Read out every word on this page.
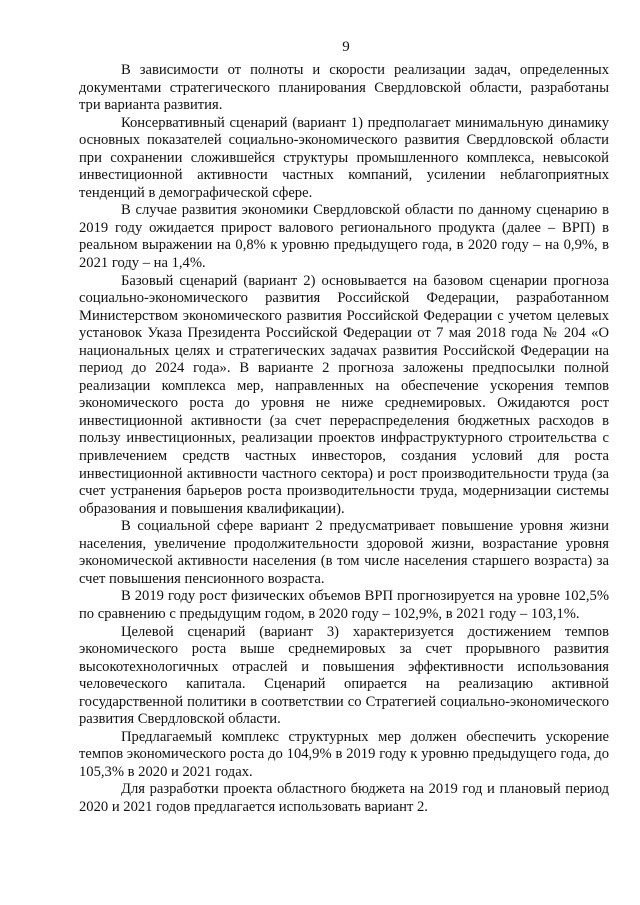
9

В зависимости от полноты и скорости реализации задач, определенных документами стратегического планирования Свердловской области, разработаны три варианта развития.

Консервативный сценарий (вариант 1) предполагает минимальную динамику основных показателей социально-экономического развития Свердловской области при сохранении сложившейся структуры промышленного комплекса, невысокой инвестиционной активности частных компаний, усилении неблагоприятных тенденций в демографической сфере.

В случае развития экономики Свердловской области по данному сценарию в 2019 году ожидается прирост валового регионального продукта (далее – ВРП) в реальном выражении на 0,8% к уровню предыдущего года, в 2020 году – на 0,9%, в 2021 году – на 1,4%.

Базовый сценарий (вариант 2) основывается на базовом сценарии прогноза социально-экономического развития Российской Федерации, разработанном Министерством экономического развития Российской Федерации с учетом целевых установок Указа Президента Российской Федерации от 7 мая 2018 года № 204 «О национальных целях и стратегических задачах развития Российской Федерации на период до 2024 года». В варианте 2 прогноза заложены предпосылки полной реализации комплекса мер, направленных на обеспечение ускорения темпов экономического роста до уровня не ниже среднемировых. Ожидаются рост инвестиционной активности (за счет перераспределения бюджетных расходов в пользу инвестиционных, реализации проектов инфраструктурного строительства с привлечением средств частных инвесторов, создания условий для роста инвестиционной активности частного сектора) и рост производительности труда (за счет устранения барьеров роста производительности труда, модернизации системы образования и повышения квалификации).

В социальной сфере вариант 2 предусматривает повышение уровня жизни населения, увеличение продолжительности здоровой жизни, возрастание уровня экономической активности населения (в том числе населения старшего возраста) за счет повышения пенсионного возраста.

В 2019 году рост физических объемов ВРП прогнозируется на уровне 102,5% по сравнению с предыдущим годом, в 2020 году – 102,9%, в 2021 году – 103,1%.

Целевой сценарий (вариант 3) характеризуется достижением темпов экономического роста выше среднемировых за счет прорывного развития высокотехнологичных отраслей и повышения эффективности использования человеческого капитала. Сценарий опирается на реализацию активной государственной политики в соответствии со Стратегией социально-экономического развития Свердловской области.

Предлагаемый комплекс структурных мер должен обеспечить ускорение темпов экономического роста до 104,9% в 2019 году к уровню предыдущего года, до 105,3% в 2020 и 2021 годах.

Для разработки проекта областного бюджета на 2019 год и плановый период 2020 и 2021 годов предлагается использовать вариант 2.
